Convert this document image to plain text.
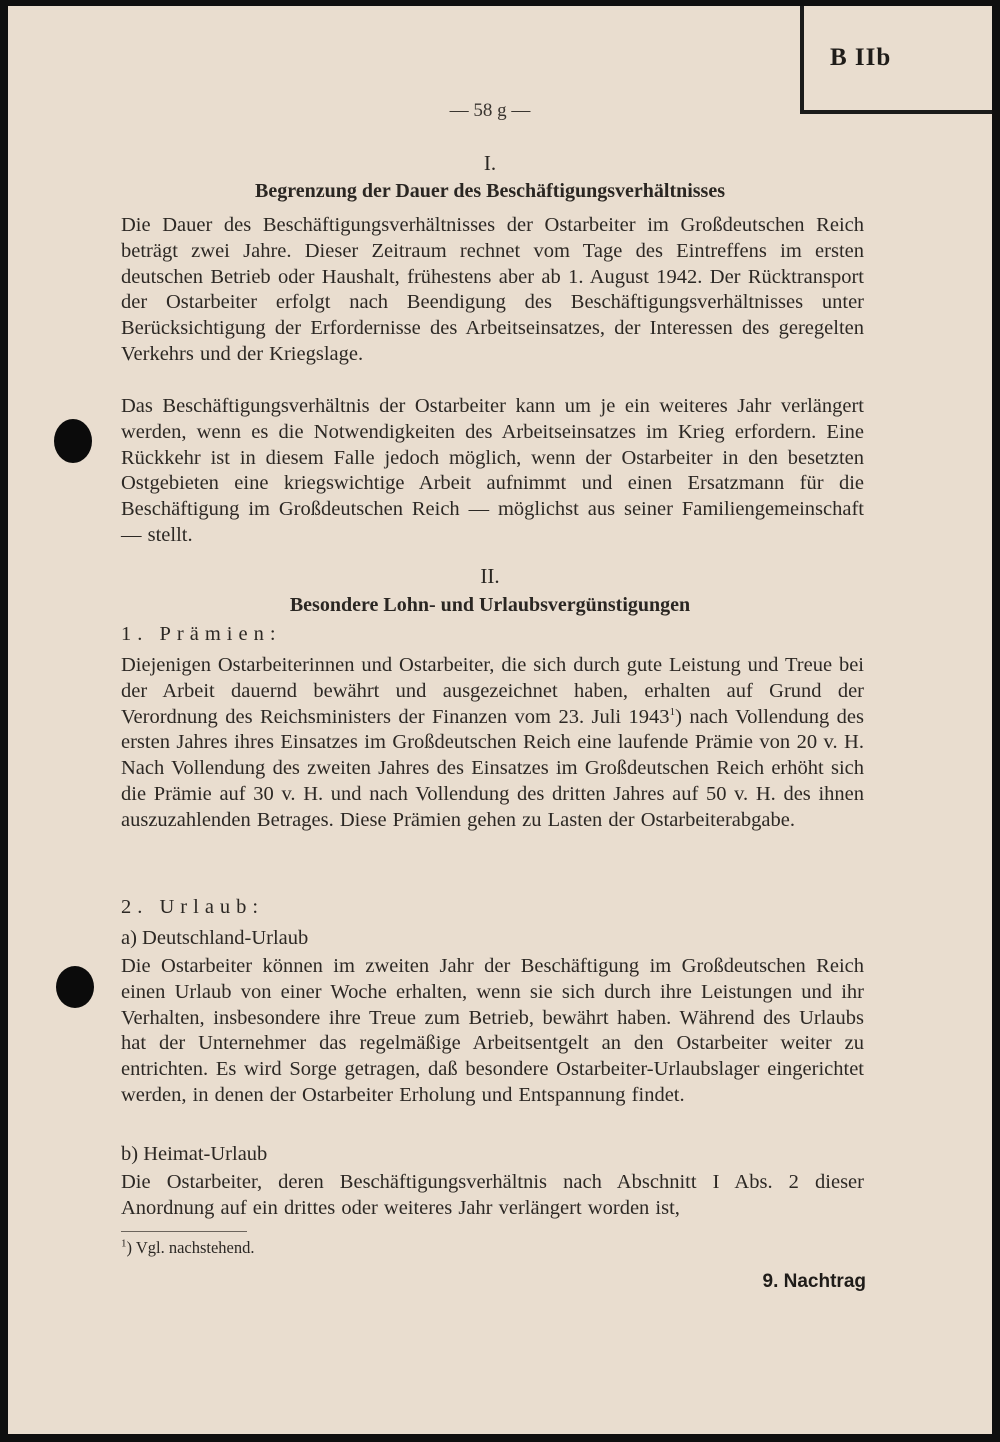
B IIb
— 58 g —
I.
Begrenzung der Dauer des Beschäftigungsverhältnisses
Die Dauer des Beschäftigungsverhältnisses der Ostarbeiter im Großdeutschen Reich beträgt zwei Jahre. Dieser Zeitraum rechnet vom Tage des Eintreffens im ersten deutschen Betrieb oder Haushalt, frühestens aber ab 1. August 1942. Der Rücktransport der Ostarbeiter erfolgt nach Beendigung des Beschäftigungsverhältnisses unter Berücksichtigung der Erfordernisse des Arbeitseinsatzes, der Interessen des geregelten Verkehrs und der Kriegslage.
Das Beschäftigungsverhältnis der Ostarbeiter kann um je ein weiteres Jahr verlängert werden, wenn es die Notwendigkeiten des Arbeitseinsatzes im Krieg erfordern. Eine Rückkehr ist in diesem Falle jedoch möglich, wenn der Ostarbeiter in den besetzten Ostgebieten eine kriegswichtige Arbeit aufnimmt und einen Ersatzmann für die Beschäftigung im Großdeutschen Reich — möglichst aus seiner Familiengemeinschaft — stellt.
II.
Besondere Lohn- und Urlaubsvergünstigungen
1. Prämien:
Diejenigen Ostarbeiterinnen und Ostarbeiter, die sich durch gute Leistung und Treue bei der Arbeit dauernd bewährt und ausgezeichnet haben, erhalten auf Grund der Verordnung des Reichsministers der Finanzen vom 23. Juli 1943$^1$) nach Vollendung des ersten Jahres ihres Einsatzes im Großdeutschen Reich eine laufende Prämie von 20 v. H. Nach Vollendung des zweiten Jahres des Einsatzes im Großdeutschen Reich erhöht sich die Prämie auf 30 v. H. und nach Vollendung des dritten Jahres auf 50 v. H. des ihnen auszuzahlenden Betrages. Diese Prämien gehen zu Lasten der Ostarbeiterabgabe.
2. Urlaub:
a) Deutschland-Urlaub
Die Ostarbeiter können im zweiten Jahr der Beschäftigung im Großdeutschen Reich einen Urlaub von einer Woche erhalten, wenn sie sich durch ihre Leistungen und ihr Verhalten, insbesondere ihre Treue zum Betrieb, bewährt haben. Während des Urlaubs hat der Unternehmer das regelmäßige Arbeitsentgelt an den Ostarbeiter weiter zu entrichten. Es wird Sorge getragen, daß besondere Ostarbeiter-Urlaubslager eingerichtet werden, in denen der Ostarbeiter Erholung und Entspannung findet.
b) Heimat-Urlaub
Die Ostarbeiter, deren Beschäftigungsverhältnis nach Abschnitt I Abs. 2 dieser Anordnung auf ein drittes oder weiteres Jahr verlängert worden ist,
$^1$) Vgl. nachstehend.
9. Nachtrag
